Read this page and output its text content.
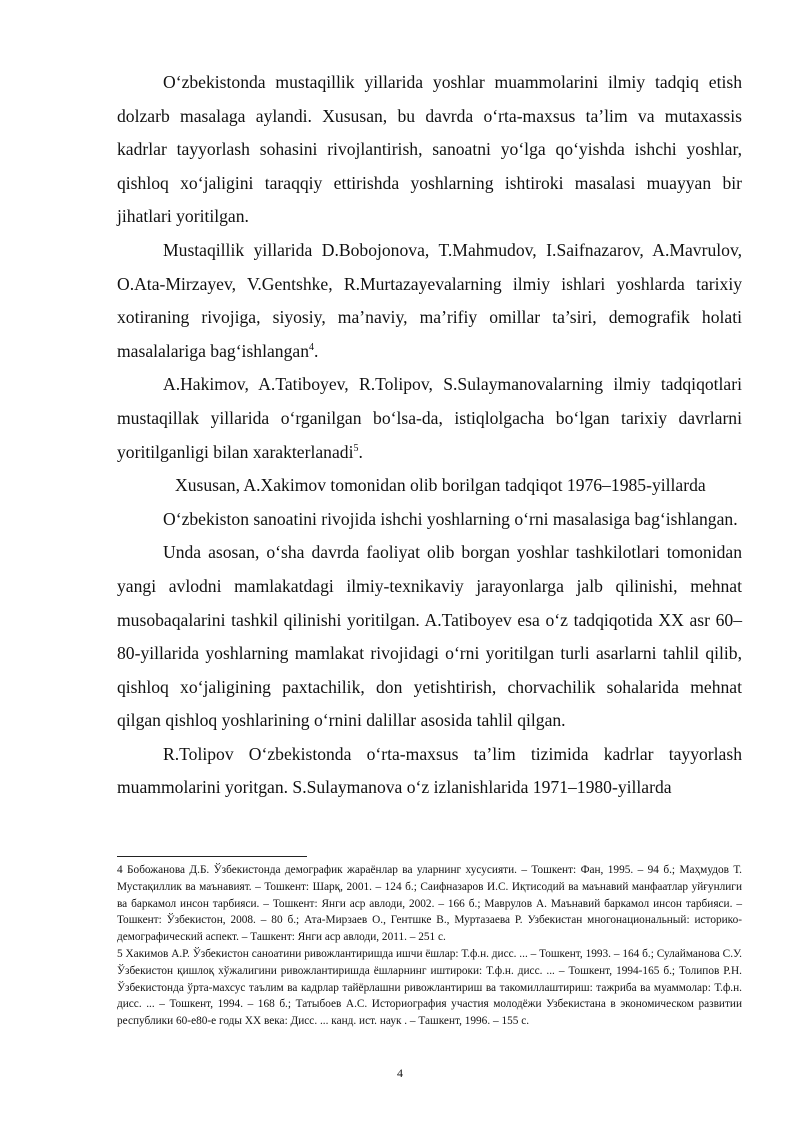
Oʻzbekistonda mustaqillik yillarida yoshlar muammolarini ilmiy tadqiq etish dolzarb masalaga aylandi. Xususan, bu davrda oʻrta-maxsus ta’lim va mutaxassis kadrlar tayyorlash sohasini rivojlantirish, sanoatni yoʻlga qoʻyishda ishchi yoshlar, qishloq xoʻjaligini taraqqiy ettirishda yoshlarning ishtiroki masalasi muayyan bir jihatlari yoritilgan.

Mustaqillik yillarida D.Bobojonova, T.Mahmudov, I.Saifnazarov, A.Mavrulov, O.Ata-Mirzayev, V.Gentshke, R.Murtazayevalarning ilmiy ishlari yoshlarda tarixiy xotiraning rivojiga, siyosiy, ma’naviy, ma’rifiy omillar ta’siri, demografik holati masalalariga bagʻishlangan$^4$.

A.Hakimov, A.Tatiboyev, R.Tolipov, S.Sulaymanovalarning ilmiy tadqiqotlari mustaqillak yillarida oʻrganilgan boʻlsa-da, istiqlolgacha boʻlgan tarixiy davrlarni yoritilganligi bilan xarakterlanadi$^5$.

Xususan, A.Xakimov tomonidan olib borilgan tadqiqot 1976–1985-yillarda

Oʻzbekiston sanoatini rivojida ishchi yoshlarning oʻrni masalasiga bagʻishlangan.

Unda asosan, oʻsha davrda faoliyat olib borgan yoshlar tashkilotlari tomonidan yangi avlodni mamlakatdagi ilmiy-texnikaviy jarayonlarga jalb qilinishi, mehnat musobaqalarini tashkil qilinishi yoritilgan. A.Tatiboyev esa oʻz tadqiqotida XX asr 60–80-yillarida yoshlarning mamlakat rivojidagi oʻrni yoritilgan turli asarlarni tahlil qilib, qishloq xoʻjaligining paxtachilik, don yetishtirish, chorvachilik sohalarida mehnat qilgan qishloq yoshlarining oʻrnini dalillar asosida tahlil qilgan.

R.Tolipov Oʻzbekistonda oʻrta-maxsus ta’lim tizimida kadrlar tayyorlash muammolarini yoritgan. S.Sulaymanova oʻz izlanishlarida 1971–1980-yillarda

4 Бобожанова Д.Б. Ўзбекистонда демографик жараёнлар ва уларнинг хусусияти. – Тошкент: Фан, 1995. – 94 б.; Маҳмудов Т. Мустақиллик ва маънавият. – Тошкент: Шарқ, 2001. – 124 б.; Саифназаров И.С. Иқтисодий ва маънавий манфаатлар уйғунлиги ва баркамол инсон тарбияси. – Тошкент: Янги аср авлоди, 2002. – 166 б.; Маврулов А. Маънавий баркамол инсон тарбияси. – Тошкент: Ўзбекистон, 2008. – 80 б.; Ата-Мирзаев О., Гентшке В., Муртазаева Р. Узбекистан многонациональный: историко-демографический аспект. – Ташкент: Янги аср авлоди, 2011. – 251 с.

5 Хакимов А.Р. Ўзбекистон саноатини ривожлантиришда ишчи ёшлар: Т.ф.н. дисс. ... – Тошкент, 1993. – 164 б.; Сулайманова С.У. Ўзбекистон қишлоқ хўжалигини ривожлантиришда ёшларнинг иштироки: Т.ф.н. дисс. ... – Тошкент, 1994-165 б.; Толипов Р.Н. Ўзбекистонда ўрта-махсус таълим ва кадрлар тайёрлашни ривожлантириш ва такомиллаштириш: тажриба ва муаммолар: Т.ф.н. дисс. ... – Тошкент, 1994. – 168 б.; Татыбоев А.С. Историография участия молодёжи Узбекистана в экономическом развитии республики 60-е80-е годы XX века: Дисс. ... канд. ист. наук . – Ташкент, 1996. – 155 с.

4
